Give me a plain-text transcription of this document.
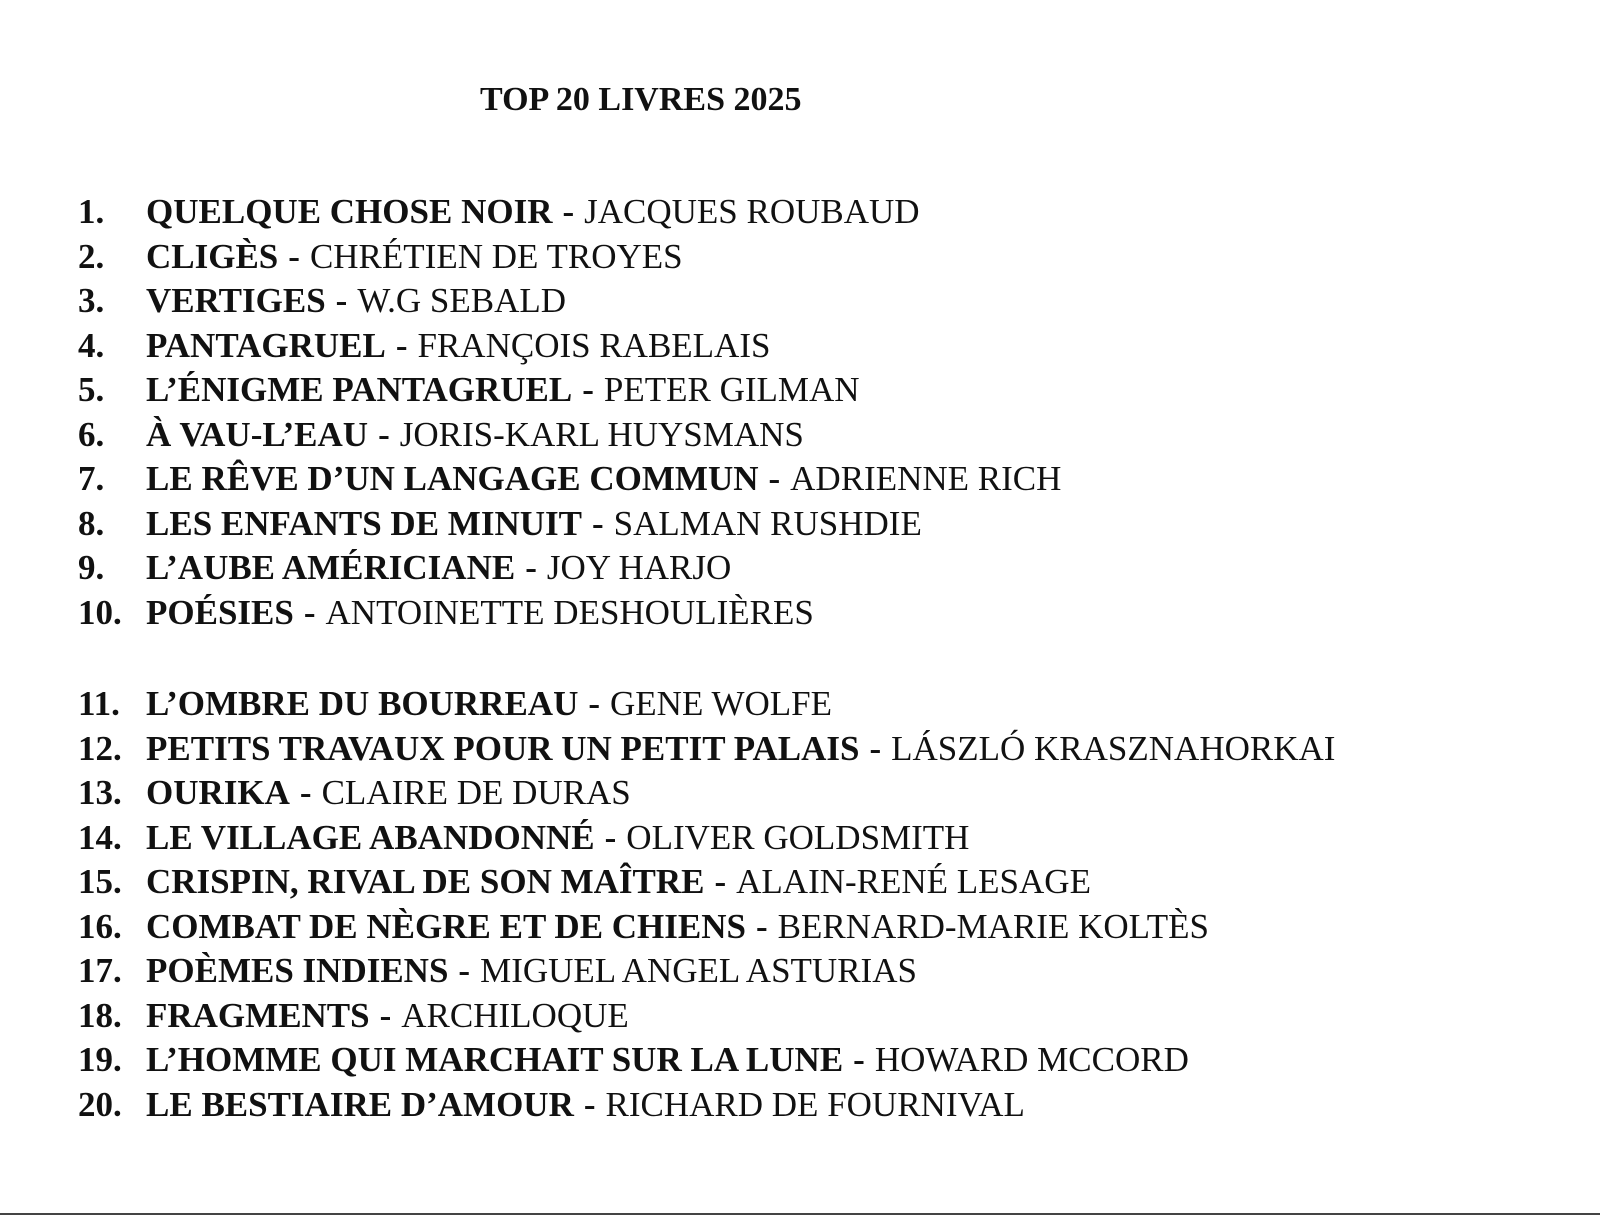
TOP 20 LIVRES 2025
1.	QUELQUE CHOSE NOIR - JACQUES ROUBAUD
2.	CLIGÈS - CHRÉTIEN DE TROYES
3.	VERTIGES - W.G SEBALD
4.	PANTAGRUEL - FRANÇOIS RABELAIS
5.	L’ÉNIGME PANTAGRUEL - PETER GILMAN
6.	À VAU-L’EAU - JORIS-KARL HUYSMANS
7.	LE RÊVE D’UN LANGAGE COMMUN - ADRIENNE RICH
8.	LES ENFANTS DE MINUIT - SALMAN RUSHDIE
9.	L’AUBE AMÉRICIANE - JOY HARJO
10. POÉSIES - ANTOINETTE DESHOULIÈRES
11. L’OMBRE DU BOURREAU - GENE WOLFE
12. PETITS TRAVAUX POUR UN PETIT PALAIS - LÁSZLÓ KRASZNAHORKAI
13. OURIKA - CLAIRE DE DURAS
14. LE VILLAGE ABANDONNÉ - OLIVER GOLDSMITH
15. CRISPIN, RIVAL DE SON MAÎTRE - ALAIN-RENÉ LESAGE
16. COMBAT DE NÈGRE ET DE CHIENS - BERNARD-MARIE KOLTÈS
17. POÈMES INDIENS - MIGUEL ANGEL ASTURIAS
18. FRAGMENTS - ARCHILOQUE
19. L’HOMME QUI MARCHAIT SUR LA LUNE - HOWARD MCCORD
20. LE BESTIAIRE D’AMOUR - RICHARD DE FOURNIVAL
